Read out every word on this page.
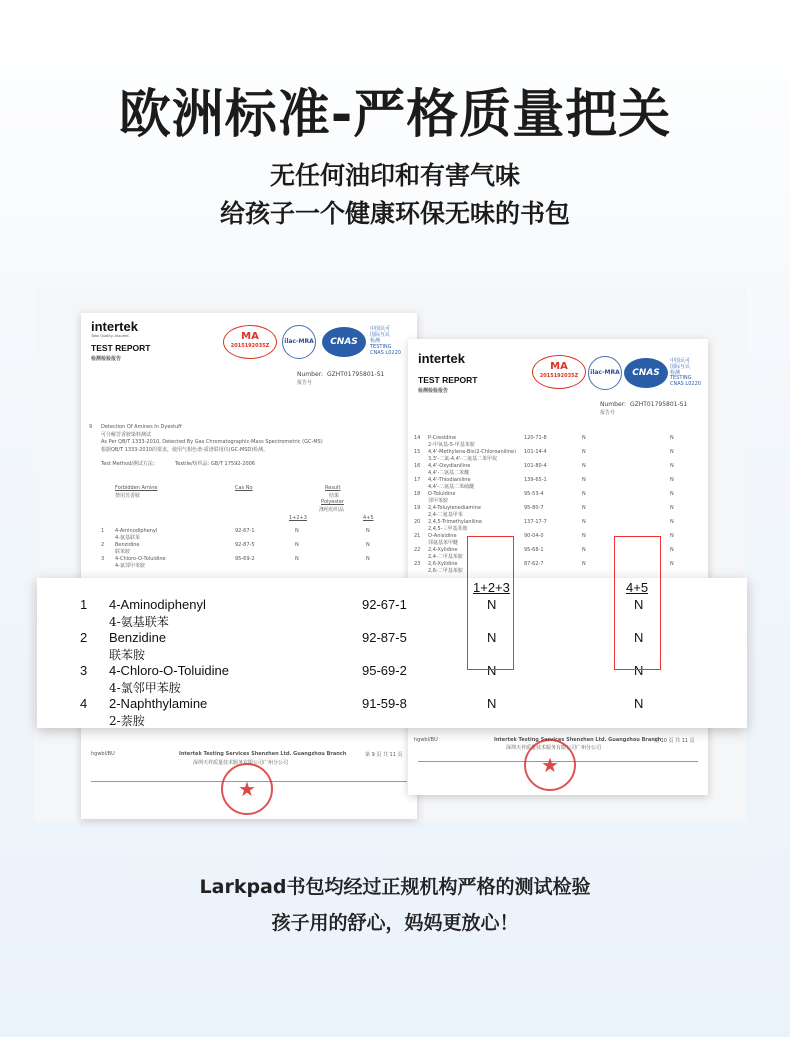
欧洲标准-严格质量把关
无任何油印和有害气味
给孩子一个健康环保无味的书包
intertek
Total Quality. Assured.
TEST REPORT
检测检验报告
MA
2015192035Z
ilac-MRA	CNAS
中国认可
国际互认
检测
TESTING
CNAS L0220
Number: GZHT01795801-S1
报告号
9 Detection Of Amines In Dyestuff
可分解芳香胺染料测试
As Per QB/T 1333-2010, Detected By Gas Chromatographic-Mass Spectrometric (GC-MS)
根据QB/T 1333-2010的要求，使用气相色谱-质谱联用仪(GC-MSD)检测。
Test Method/测试方法：	Textile/纺织品: GB/T 17592-2006
Forbidden Amine
禁用芳香胺
Cas No	Result
结果
Polyester
涤纶纺织品
1+2+3	4+5
1 4-Aminodiphenyl
4-氨基联苯
92-67-1	N	N
2 Benzidine
联苯胺
92-87-5	N	N
3 4-Chloro-O-Toluidine
4-氯邻甲苯胺
95-69-2	N	N
hgwbl/BU	Intertek Testing Services Shenzhen Ltd. Guangzhou Branch
深圳天祥质量技术服务有限公司广州分公司
第 9 页 共 11 页
★
intertek
TEST REPORT
检测检验报告
MA
2015192035Z	ilac-MRA	CNAS
中国认可
国际互认
检测
TESTING
CNAS L0220
Number: GZHT01795801-S1
报告号
14 P-Cresidine
2-甲氧基-5-甲基苯胺
120-71-8	N	N
15 4,4'-Methylene-Bis(2-Chloroaniline)
3,3'-二氯-4,4'-二氨基二苯甲烷
101-14-4	N	N
16 4,4'-Oxydianiline
4,4'-二氨基二苯醚
101-80-4	N	N
17 4,4'-Thiodianiline
4,4'-二氨基二苯硫醚
139-65-1	N	N
18 O-Toluidine
邻甲苯胺
95-53-4	N	N
19 2,4-Toluylenediamine
2,4-二氨基甲苯
95-80-7	N	N
20 2,4,5-Trimethylaniline
2,4,5-三甲基苯胺
137-17-7	N	N
21 O-Anisidine
邻氨基苯甲醚
90-04-0	N	N
22 2,4-Xylidine
2,4-二甲基苯胺
95-68-1	N	N
23 2,6-Xylidine
2,6-二甲基苯胺
87-62-7	N	N
hgwbl/BU	Intertek Testing Services Shenzhen Ltd. Guangzhou Branch
深圳天祥质量技术服务有限公司广州分公司
第 10 页 共 11 页
★
1+2+3	4+5
1 4-Aminodiphenyl
4-氨基联苯
92-67-1	N	N
2 Benzidine
联苯胺
92-87-5	N	N
3 4-Chloro-O-Toluidine
4-氯邻甲苯胺
95-69-2	N	N
4 2-Naphthylamine
2-萘胺
91-59-8	N	N
Larkpad书包均经过正规机构严格的测试检验
孩子用的舒心，妈妈更放心！
